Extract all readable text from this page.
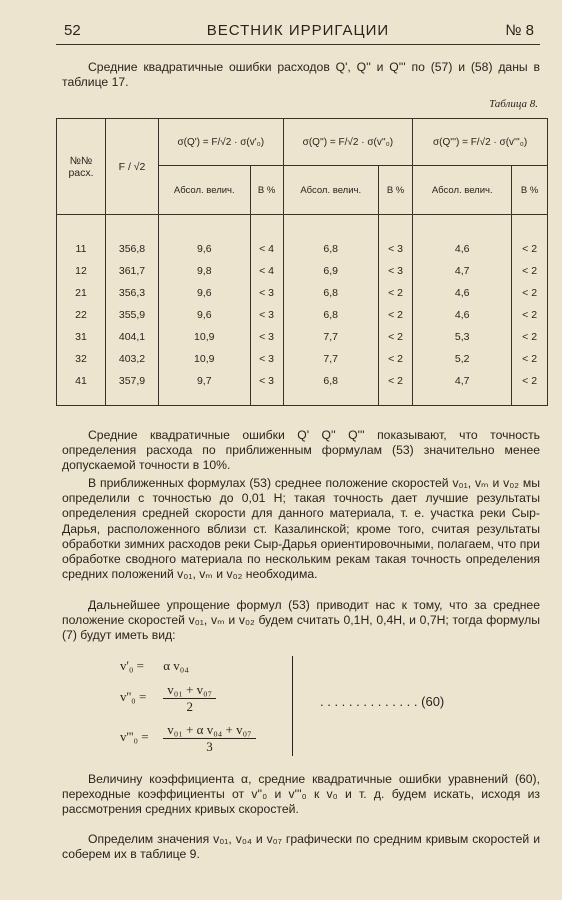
52	ВЕСТНИК ИРРИГАЦИИ	№ 8
Средние квадратичные ошибки расходов Q', Q'' и Q''' по (57) и (58) даны в таблице 17.
Таблица 8.
№№ расх.	F / √2	σ(Q') = F/√2 · σ(v'₀)		σ(Q'') = F/√2 · σ(v''₀)		σ(Q''') = F/√2 · σ(v'''₀)	
		Абсол. велич.	В %	Абсол. велич.	В %	Абсол. велич.	В %
11	356,8	9,6	< 4	6,8	< 3	4,6	< 2
12	361,7	9,8	< 4	6,9	< 3	4,7	< 2
21	356,3	9,6	< 3	6,8	< 2	4,6	< 2
22	355,9	9,6	< 3	6,8	< 2	4,6	< 2
31	404,1	10,9	< 3	7,7	< 2	5,3	< 2
32	403,2	10,9	< 3	7,7	< 2	5,2	< 2
41	357,9	9,7	< 3	6,8	< 2	4,7	< 2
Средние квадратичные ошибки Q' Q'' Q''' показывают, что точность определения расхода по приближенным формулам (53) значительно менее допускаемой точности в 10%.
В приближенных формулах (53) среднее положение скоростей v₀₁, vₘ и v₀₂ мы определили с точностью до 0,01 H; такая точность дает лучшие результаты определения средней скорости для данного материала, т. е. участка реки Сыр-Дарья, расположенного вблизи ст. Казалинской; кроме того, считая результаты обработки зимних расходов реки Сыр-Дарья ориентировочными, полагаем, что при обработке сводного материала по нескольким рекам такая точность определения средних положений v₀₁, vₘ и v₀₂ необходима.
Дальнейшее упрощение формул (53) приводит нас к тому, что за среднее положение скоростей v₀₁, vₘ и v₀₂ будем считать 0,1H, 0,4H, и 0,7H; тогда формулы (7) будут иметь вид:
v'₀ = α v₀₄
$v''_0 = \frac{\text{v₀₁ + v₀₇}}{2}$
$v'''_0 = \frac{\text{v₀₁ + α v₀₄ + v₀₇}}{3}$
. . . . . . . . . . . . . . (60)
Величину коэффициента α, средние квадратичные ошибки уравнений (60), переходные коэффициенты от v''₀ и v'''₀ к v₀ и т. д. будем искать, исходя из рассмотрения средних кривых скоростей.
Определим значения v₀₁, v₀₄ и v₀₇ графически по средним кривым скоростей и соберем их в таблице 9.
